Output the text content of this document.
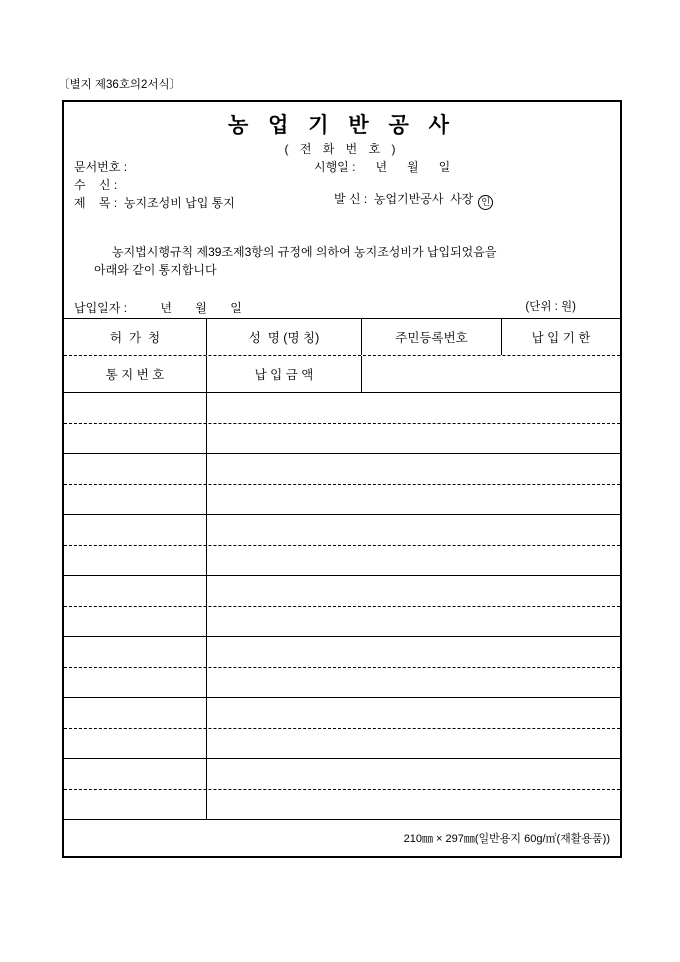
〔별지 제36호의2서식〕
농 업 기 반 공 사
( 전 화 번 호 )
문서번호 :	시행일 :      년      월      일
수    신 :

발 신 :  농업기반공사  사장 인

제    목 :  농지조성비 납입 통지
농지법시행규칙 제39조제3항의 규정에 의하여 농지조성비가 납입되었음을
아래와 같이 통지합니다
납입일자 :          년       월       일	(단위 : 원)
허  가  청	성  명 (명 칭)	주민등록번호	납 입 기 한
통 지 번 호	납 입 금 액
210㎜ × 297㎜(일반용지 60g/㎡(재활용품))
